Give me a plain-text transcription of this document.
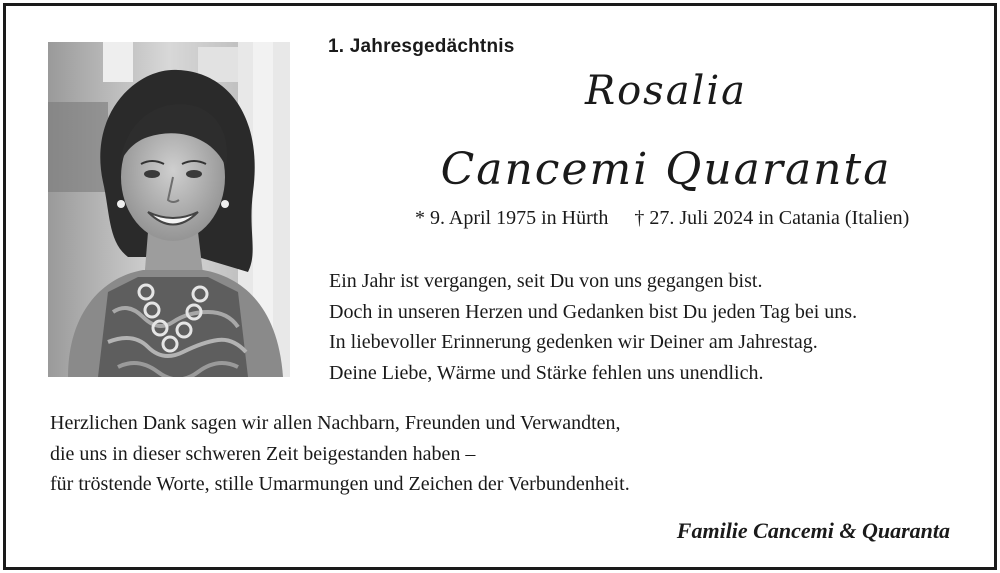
1. Jahresgedächtnis
Rosalia
Cancemi Quaranta
* 9. April 1975 in Hürth † 27. Juli 2024 in Catania (Italien)
Ein Jahr ist vergangen, seit Du von uns gegangen bist.
Doch in unseren Herzen und Gedanken bist Du jeden Tag bei uns.
In liebevoller Erinnerung gedenken wir Deiner am Jahrestag.
Deine Liebe, Wärme und Stärke fehlen uns unendlich.
Herzlichen Dank sagen wir allen Nachbarn, Freunden und Verwandten,
die uns in dieser schweren Zeit beigestanden haben –
für tröstende Worte, stille Umarmungen und Zeichen der Verbundenheit.
Familie Cancemi & Quaranta
